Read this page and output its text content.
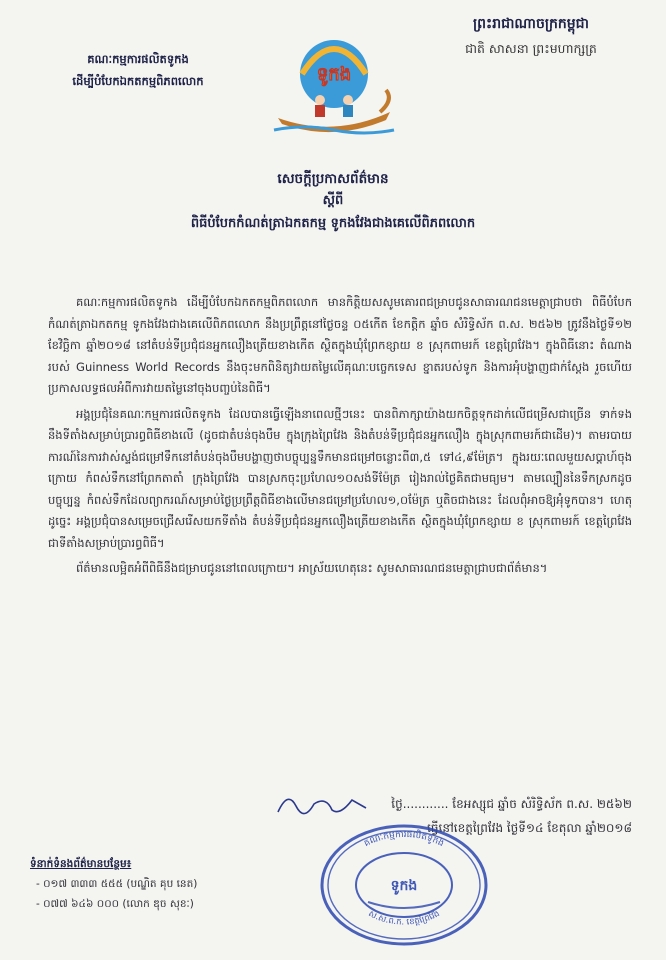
គណៈកម្មការផលិតទូកង
ដើម្បីបំបែកឯកតកម្មពិភពលោក
ព្រះរាជាណាចក្រកម្ពុជា
ជាតិ សាសនា ព្រះមហាក្សត្រ
ទូកង
សេចក្តីប្រកាសព័ត៌មាន
ស្តីពី
ពិធីបំបែកកំណត់ត្រាឯកតកម្ម ទូកងវែងជាងគេលើពិភពលោក

គណៈកម្មការផលិតទូកង ដើម្បីបំបែកឯកតកម្មពិភពលោក មានកិត្តិយសសូមគោរពជម្រាបជូនសាធារណជនមេត្តាជ្រាបថា ពិធីបំបែកកំណត់ត្រាឯកតកម្ម ទូកងវែងជាងគេលើពិភពលោក នឹងប្រព្រឹត្តនៅថ្ងៃចន្ទ ០៥កើត ខែកត្តិក ឆ្នាំច សំរិទ្ធិស័ក ព.ស. ២៥៦២ ត្រូវនឹងថ្ងៃទី១២ ខែវិច្ឆិកា ឆ្នាំ២០១៨ នៅតំបន់ទីប្រជុំជនអ្នកលឿងត្រើយខាងកើត ស្ថិតក្នុងឃុំព្រែកខ្សាយ ខ ស្រុកពាមរក៍ ខេត្តព្រៃវែង។ ក្នុងពិធីនោះ តំណាងរបស់ Guinness World Records នឹងចុះមកពិនិត្យវាយតម្លៃលើគុណៈបច្ចេកទេស ខ្នាតរបស់ទូក និងការអុំបង្ហាញជាក់ស្តែង រួចហើយប្រកាសលទ្ធផលអំពីការវាយតម្លៃនៅចុងបញ្ចប់នៃពិធី។

អង្គប្រជុំនៃគណៈកម្មការផលិតទូកង ដែលបានធ្វើឡើងនាពេលថ្មីៗនេះ បានពិភាក្សាយ៉ាងយកចិត្តទុកដាក់លើជម្រើសជាច្រើន ទាក់ទងនឹងទីតាំងសម្រាប់ប្រារព្ធពិធីខាងលើ (ដូចជាតំបន់ចុងបឹម ក្នុងក្រុងព្រៃវែង និងតំបន់ទីប្រជុំជនអ្នកលឿង ក្នុងស្រុកពាមរក៍ជាដើម)។ តាមរបាយការណ៍នៃការវាស់ស្ទង់ជម្រៅទឹកនៅតំបន់ចុងបឹមបង្ហាញថាបច្ចុប្បន្នទឹកមានជម្រៅចន្លោះពី៣,៥ ទៅ៤,៩ម៉ែត្រ។ ក្នុងរយៈពេលមួយសប្តាហ៍ចុងក្រោយ កំពស់ទឹកនៅព្រែកតាតាំ ក្រុងព្រៃវែង បានស្រកចុះប្រហែល១០សង់ទីម៉ែត្រ រៀងរាល់ថ្ងៃគិតជាមធ្យម។ តាមល្បឿននៃទឹកស្រកដូចបច្ចុប្បន្ន កំពស់ទឹកដែលព្យាករណ៍សម្រាប់ថ្ងៃប្រព្រឹត្តពិធីខាងលើមានជម្រៅប្រហែល១,០ម៉ែត្រ ឬតិចជាងនេះ ដែលពុំអាចឱ្យអុំទូកបាន។ ហេតុដូច្នេះ អង្គប្រជុំបានសម្រេចជ្រើសរើសយកទីតាំង តំបន់ទីប្រជុំជនអ្នកលឿងត្រើយខាងកើត ស្ថិតក្នុងឃុំព្រែកខ្សាយ ខ ស្រុកពាមរក៍ ខេត្តព្រៃវែង ជាទីតាំងសម្រាប់ប្រារព្ធពិធី។

ព័ត៌មានលម្អិតអំពីពិធីនឹងជម្រាបជូននៅពេលក្រោយ។ អាស្រ័យហេតុនេះ សូមសាធារណជនមេត្តាជ្រាបជាព័ត៌មាន។

ថ្ងៃ............ ខែអស្សុជ ឆ្នាំច សំរិទ្ធិស័ក ព.ស. ២៥៦២
ធ្វើនៅខេត្តព្រៃវែង ថ្ងៃទី១៤ ខែតុលា ឆ្នាំ២០១៨
ទំនាក់ទំនងព័ត៌មានបន្ថែម៖
- ០១៧ ៣៣៣ ៥៥៥ (បណ្ឌិត គុប នេត)
- ០៧៧ ៦៤៦ ០០០ (លោក ឌុច សុខៈ)
គណៈកម្មការផលិតទូកង
ស.ស.ព.ក. ខេត្តព្រៃវែង
ទូកង
